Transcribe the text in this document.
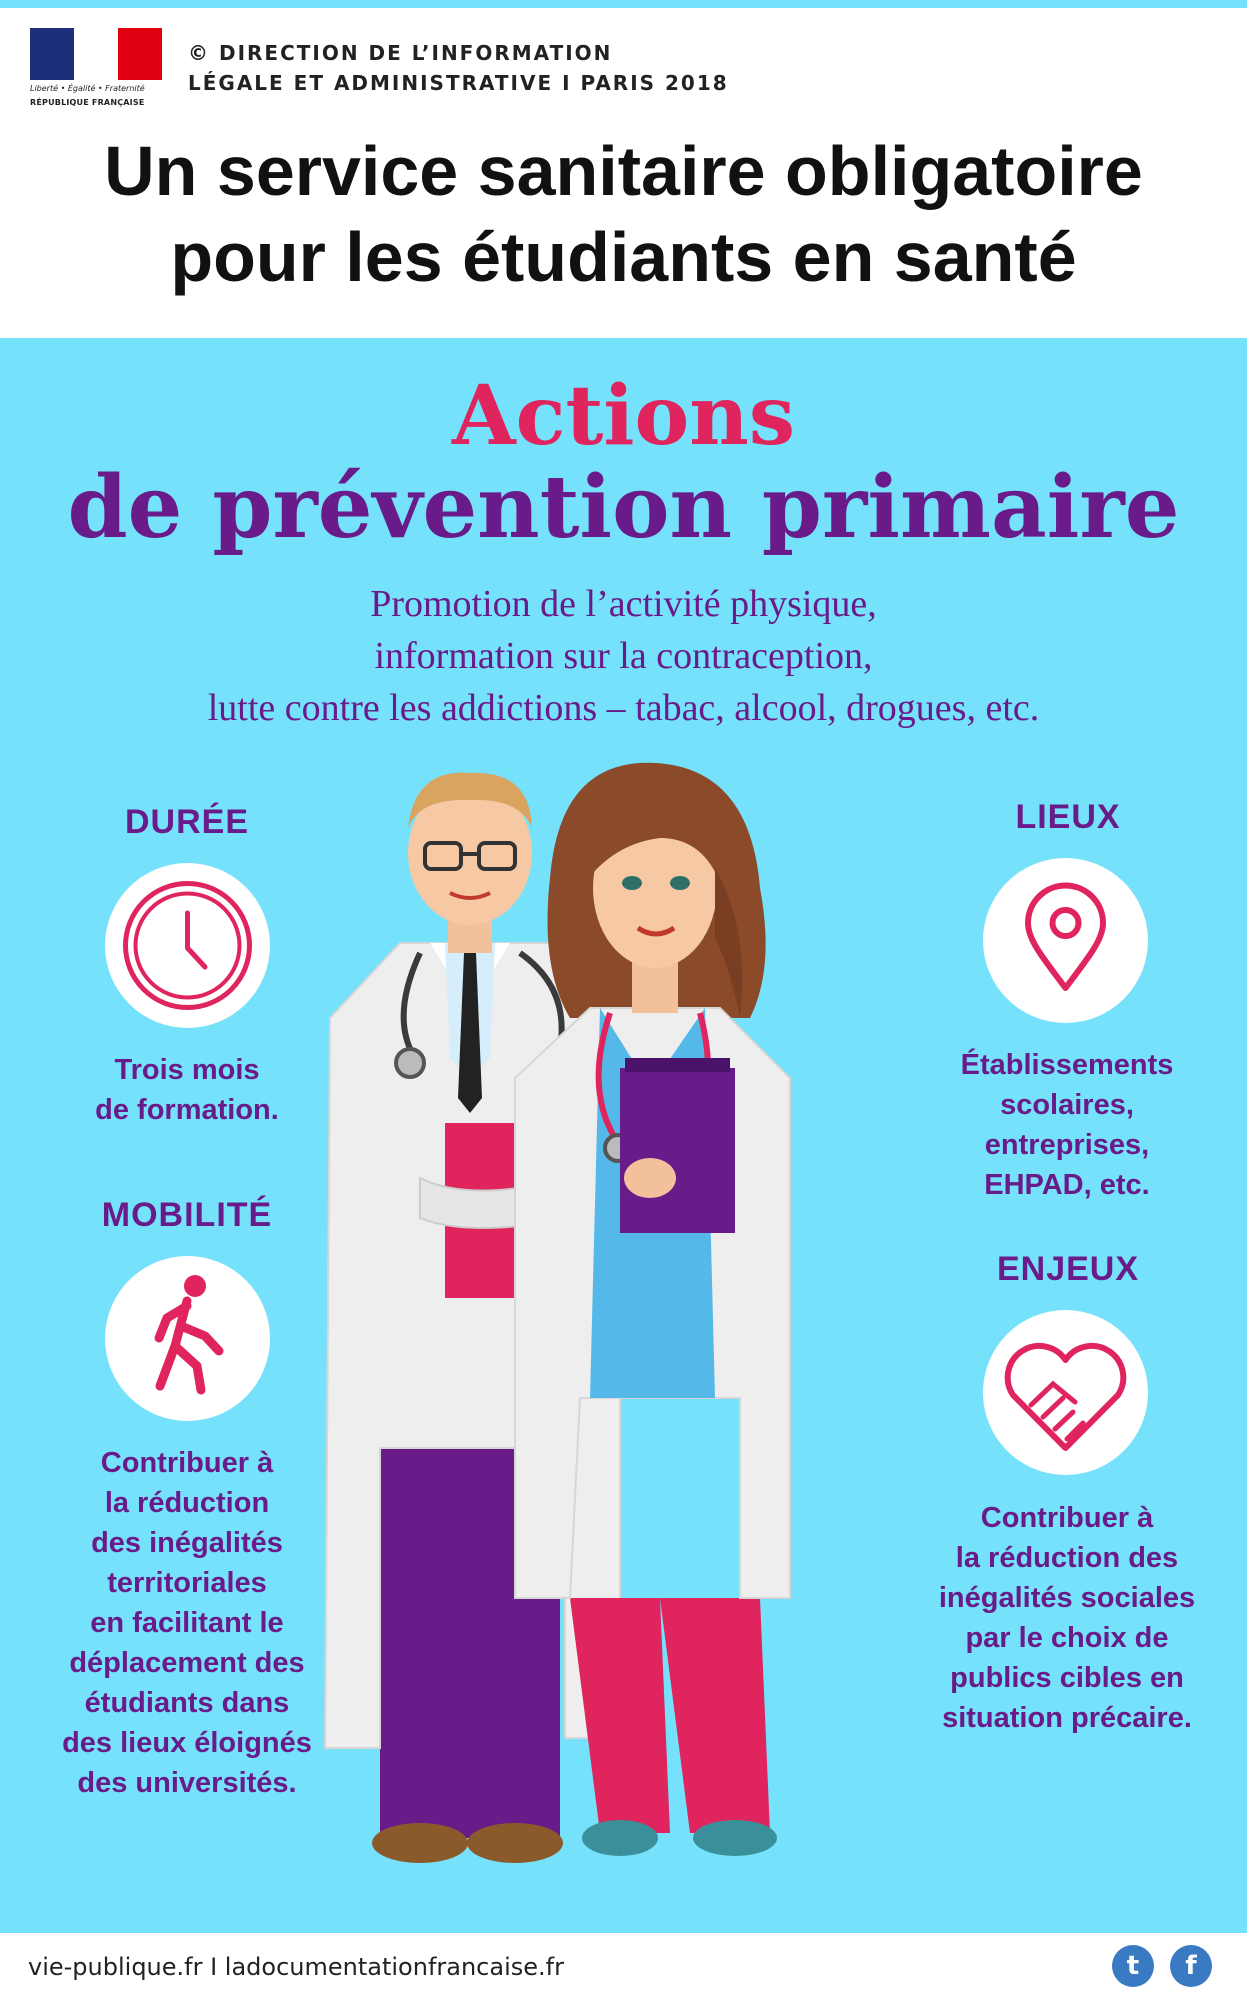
Liberté • Égalité • Fraternité
RÉPUBLIQUE FRANÇAISE
© DIRECTION DE L’INFORMATION
LÉGALE ET ADMINISTRATIVE I PARIS 2018
Un service sanitaire obligatoire
pour les étudiants en santé
Actions
de prévention primaire
Promotion de l’activité physique,
information sur la contraception,
lutte contre les addictions – tabac, alcool, drogues, etc.
DURÉE
Trois mois
de formation.
MOBILITÉ
Contribuer à
la réduction
des inégalités
territoriales
en facilitant le
déplacement des
étudiants dans
des lieux éloignés
des universités.
LIEUX
Établissements
scolaires,
entreprises,
EHPAD, etc.
ENJEUX
Contribuer à
la réduction des
inégalités sociales
par le choix de
publics cibles en
situation précaire.
vie-publique.fr I ladocumentationfrancaise.fr	t	f
